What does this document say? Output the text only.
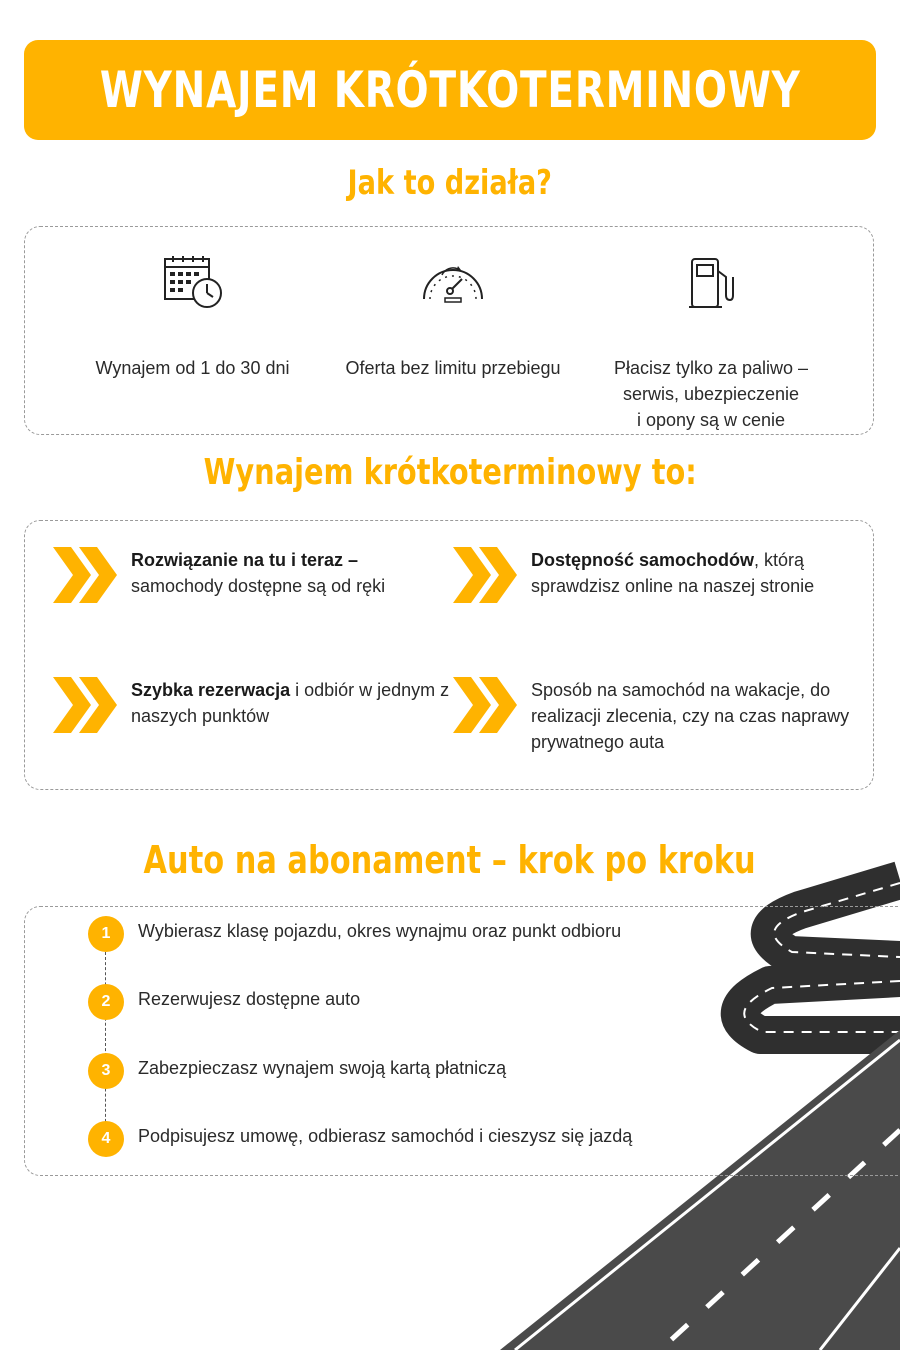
WYNAJEM KRÓTKOTERMINOWY
Jak to działa?
Wynajem od 1 do 30 dni	Oferta bez limitu przebiegu	Płacisz tylko za paliwo –
serwis, ubezpieczenie
i opony są w cenie
Wynajem krótkoterminowy to:
Rozwiązanie na tu i teraz – samochody dostępne są od ręki
Dostępność samochodów, którą sprawdzisz online na naszej stronie
Szybka rezerwacja i odbiór w jednym z naszych punktów
Sposób na samochód na wakacje, do realizacji zlecenia, czy na czas naprawy prywatnego auta
Auto na abonament – krok po kroku
1	Wybierasz klasę pojazdu, okres wynajmu oraz punkt odbioru
2	Rezerwujesz dostępne auto
3	Zabezpieczasz wynajem swoją kartą płatniczą
4	Podpisujesz umowę, odbierasz samochód i cieszysz się jazdą
